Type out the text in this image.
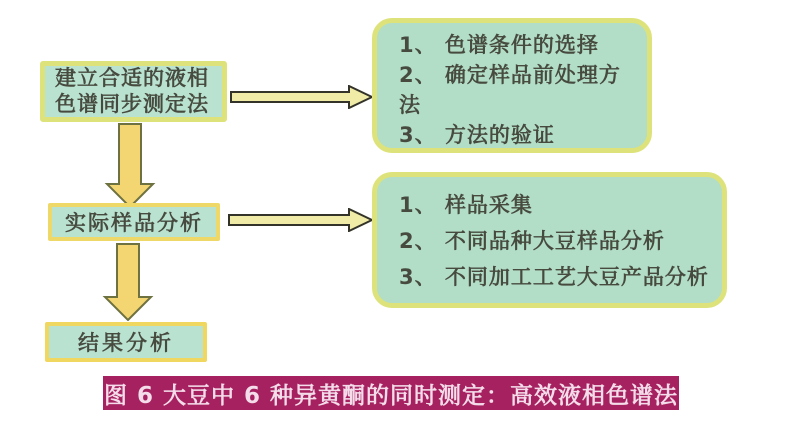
建立合适的液相
色谱同步测定法
实际样品分析
结果分析
1、 色谱条件的选择
2、 确定样品前处理方法
3、 方法的验证
1、 样品采集
2、 不同品种大豆样品分析
3、 不同加工工艺大豆产品分析
图 6 大豆中 6 种异黄酮的同时测定：高效液相色谱法
